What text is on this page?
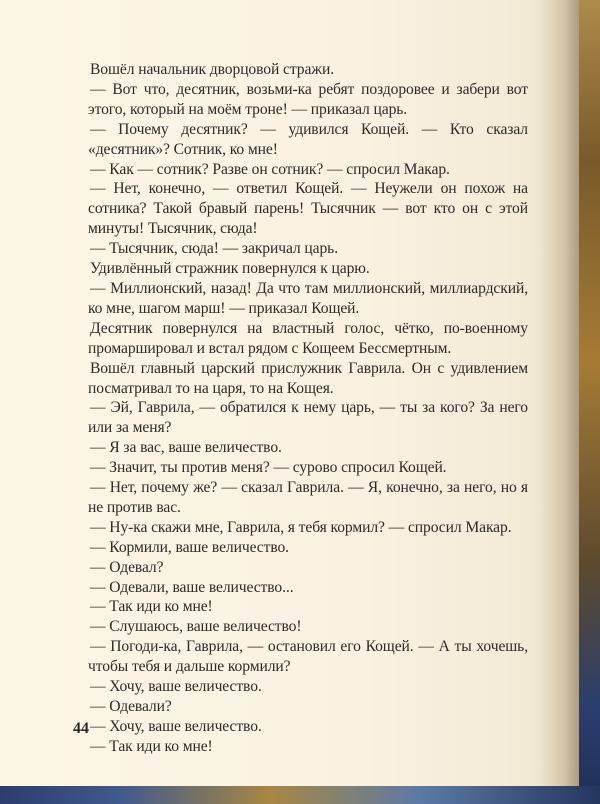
Вошёл начальник дворцовой стражи.

— Вот что, десятник, возьми-ка ребят поздоровее и забери вот этого, который на моём троне! — приказал царь.

— Почему десятник? — удивился Кощей. — Кто сказал «десятник»? Сотник, ко мне!

— Как — сотник? Разве он сотник? — спросил Макар.

— Нет, конечно, — ответил Кощей. — Неужели он похож на сотника? Такой бравый парень! Тысячник — вот кто он с этой минуты! Тысячник, сюда!

— Тысячник, сюда! — закричал царь.

Удивлённый стражник повернулся к царю.

— Миллионский, назад! Да что там миллионский, миллиардский, ко мне, шагом марш! — приказал Кощей.

Десятник повернулся на властный голос, чётко, по-военному промаршировал и встал рядом с Кощеем Бессмертным.

Вошёл главный царский прислужник Гаврила. Он с удивлением посматривал то на царя, то на Кощея.

— Эй, Гаврила, — обратился к нему царь, — ты за кого? За него или за меня?

— Я за вас, ваше величество.

— Значит, ты против меня? — сурово спросил Кощей.

— Нет, почему же? — сказал Гаврила. — Я, конечно, за него, но я не против вас.

— Ну-ка скажи мне, Гаврила, я тебя кормил? — спросил Макар.

— Кормили, ваше величество.

— Одевал?

— Одевали, ваше величество...

— Так иди ко мне!

— Слушаюсь, ваше величество!

— Погоди-ка, Гаврила, — остановил его Кощей. — А ты хочешь, чтобы тебя и дальше кормили?

— Хочу, ваше величество.

— Одевали?

— Хочу, ваше величество.

— Так иди ко мне!

44
